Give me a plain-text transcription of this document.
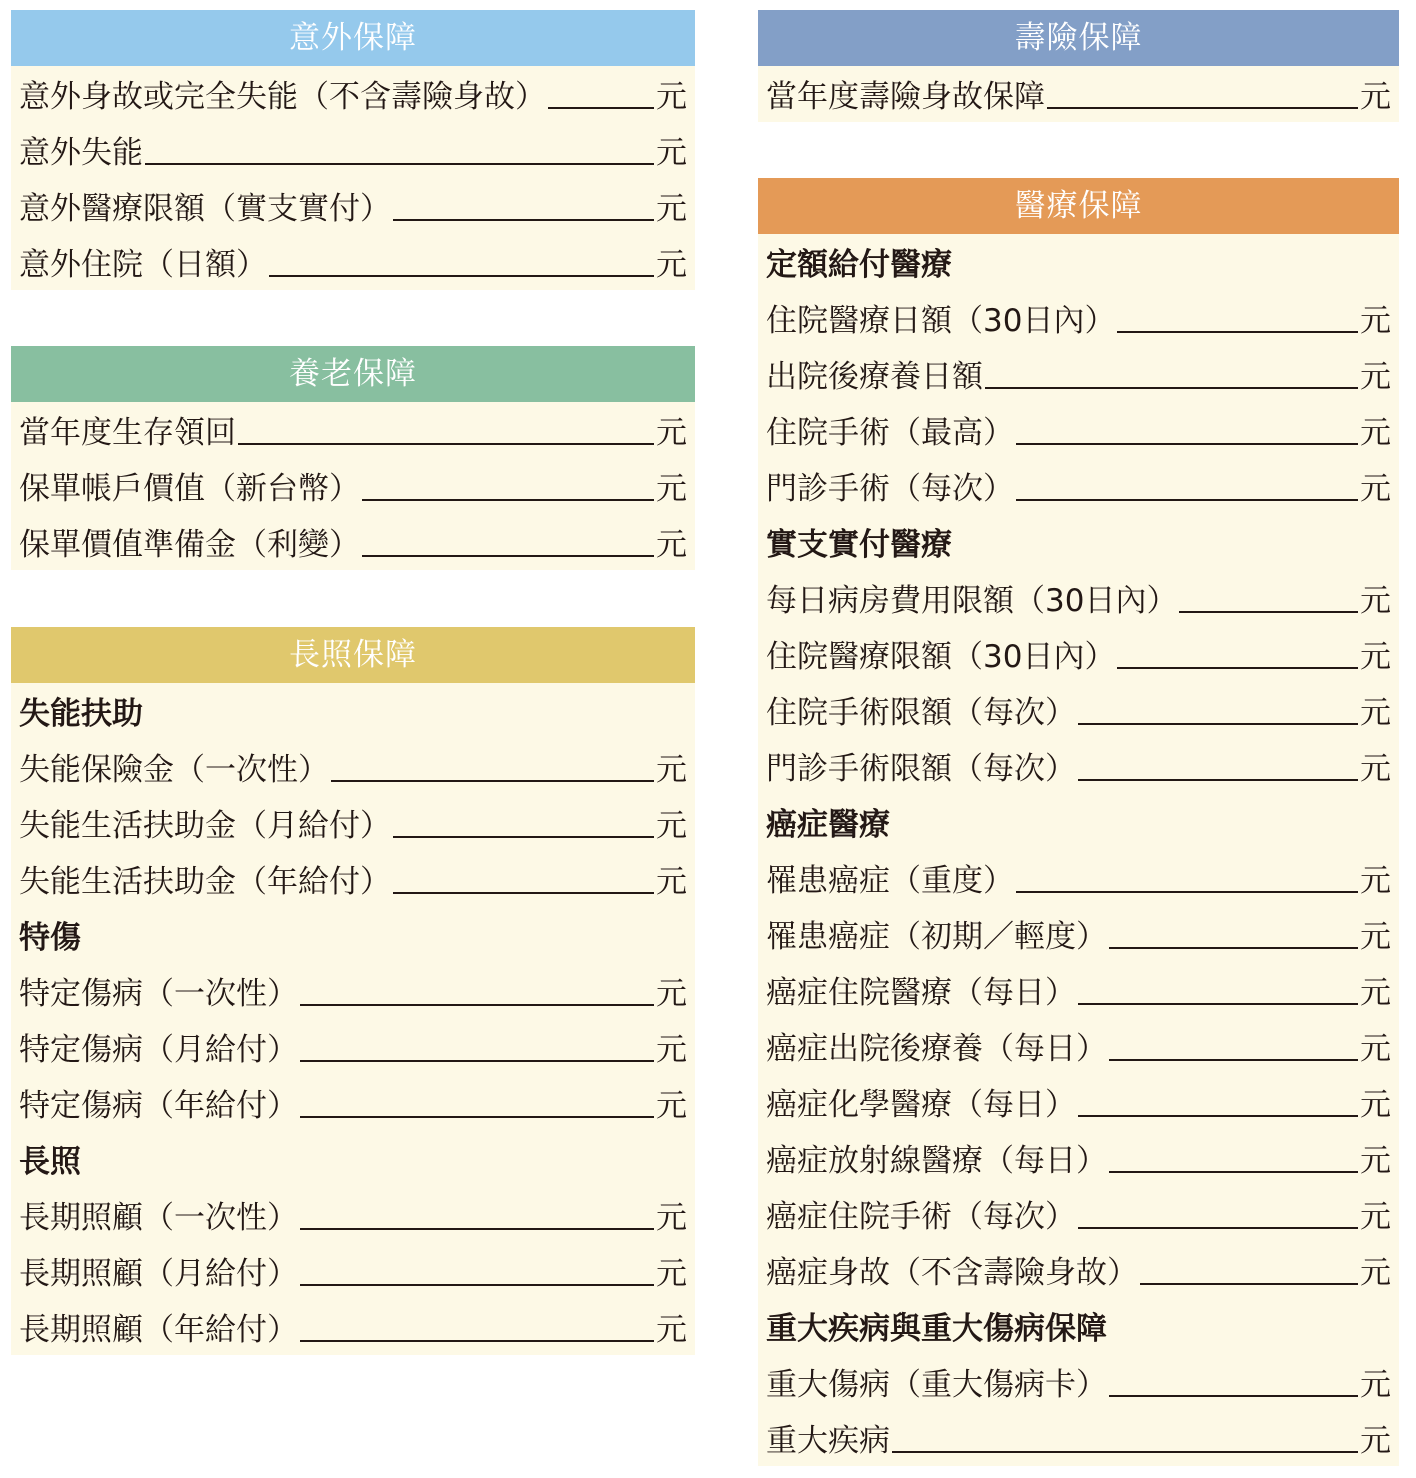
意外保障
意外身故或完全失能（不含壽險身故）	元
意外失能	元
意外醫療限額（實支實付）	元
意外住院（日額）	元
養老保障
當年度生存領回	元
保單帳戶價值（新台幣）	元
保單價值準備金（利變）	元
長照保障
失能扶助
失能保險金（一次性）	元
失能生活扶助金（月給付）	元
失能生活扶助金（年給付）	元
特傷
特定傷病（一次性）	元
特定傷病（月給付）	元
特定傷病（年給付）	元
長照
長期照顧（一次性）	元
長期照顧（月給付）	元
長期照顧（年給付）	元
壽險保障
當年度壽險身故保障	元
醫療保障
定額給付醫療
住院醫療日額（30日內）	元
出院後療養日額	元
住院手術（最高）	元
門診手術（每次）	元
實支實付醫療
每日病房費用限額（30日內）	元
住院醫療限額（30日內）	元
住院手術限額（每次）	元
門診手術限額（每次）	元
癌症醫療
罹患癌症（重度）	元
罹患癌症（初期／輕度）	元
癌症住院醫療（每日）	元
癌症出院後療養（每日）	元
癌症化學醫療（每日）	元
癌症放射線醫療（每日）	元
癌症住院手術（每次）	元
癌症身故（不含壽險身故）	元
重大疾病與重大傷病保障
重大傷病（重大傷病卡）	元
重大疾病	元
